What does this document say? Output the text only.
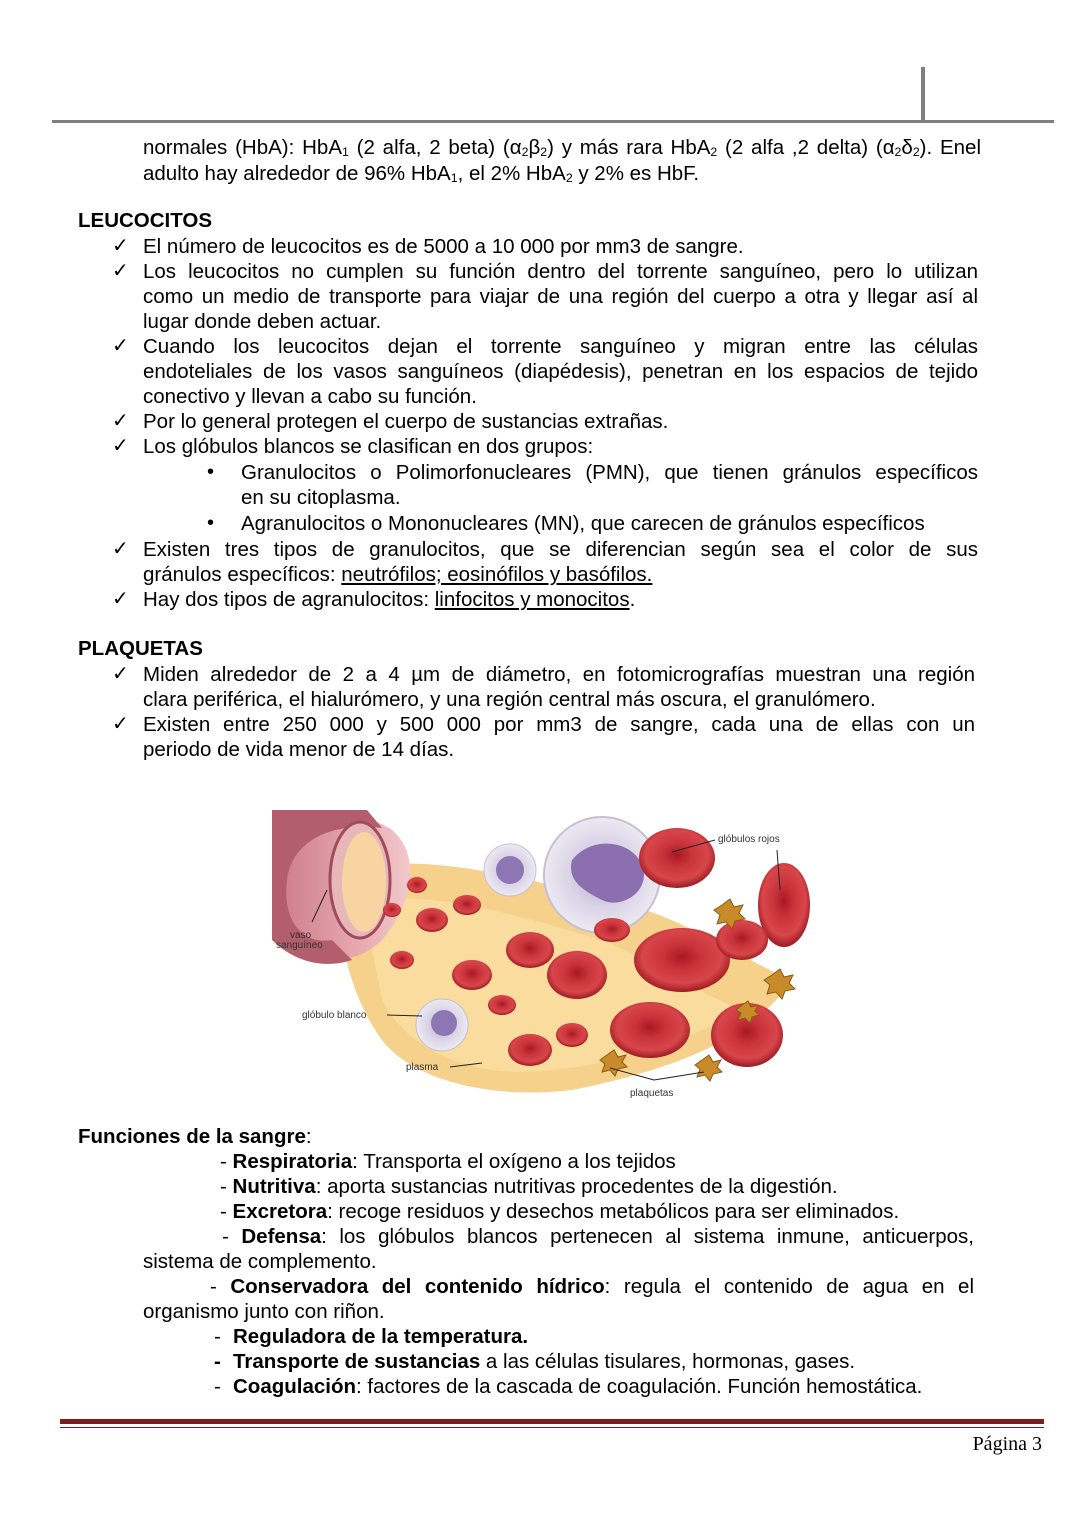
normales (HbA): HbA$_1$ (2 alfa, 2 beta) $(\alpha_2\beta_2)$ y más rara HbA$_2$ (2 alfa ,2 delta) $(\alpha_2\delta_2)$. Enel

adulto hay alrededor de 96% HbA$_1$, el 2% HbA$_2$ y 2% es HbF.

LEUCOCITOS
✓ El número de leucocitos es de 5000 a 10 000 por mm3 de sangre.

✓ Los leucocitos no cumplen su función dentro del torrente sanguíneo, pero lo utilizan

como un medio de transporte para viajar de una región del cuerpo a otra y llegar así al

lugar donde deben actuar.

✓ Cuando los leucocitos dejan el torrente sanguíneo y migran entre las células

endoteliales de los vasos sanguíneos (diapédesis), penetran en los espacios de tejido

conectivo y llevan a cabo su función.

✓ Por lo general protegen el cuerpo de sustancias extrañas.

✓ Los glóbulos blancos se clasifican en dos grupos:

• Granulocitos o Polimorfonucleares (PMN), que tienen gránulos específicos

en su citoplasma.

• Agranulocitos o Mononucleares (MN), que carecen de gránulos específicos

✓ Existen tres tipos de granulocitos, que se diferencian según sea el color de sus

gránulos específicos: neutrófilos; eosinófilos y basófilos.

✓ Hay dos tipos de agranulocitos: linfocitos y monocitos.

PLAQUETAS
✓ Miden alrededor de 2 a 4 µm de diámetro, en fotomicrografías muestran una región

clara periférica, el hialurómero, y una región central más oscura, el granulómero.

✓ Existen entre 250 000 y 500 000 por mm3 de sangre, cada una de ellas con un

periodo de vida menor de 14 días.

glóbulos rojos
vaso
sanguíneo
glóbulo blanco
plasma
plaquetas

Funciones de la sangre:

- Respiratoria: Transporta el oxígeno a los tejidos

- Nutritiva: aporta sustancias nutritivas procedentes de la digestión.

- Excretora: recoge residuos y desechos metabólicos para ser eliminados.

- Defensa: los glóbulos blancos pertenecen al sistema inmune, anticuerpos,

sistema de complemento.

- Conservadora del contenido hídrico: regula el contenido de agua en el

organismo junto con riñon.

- Reguladora de la temperatura.

- Transporte de sustancias a las células tisulares, hormonas, gases.

- Coagulación: factores de la cascada de coagulación. Función hemostática.

Página 3
